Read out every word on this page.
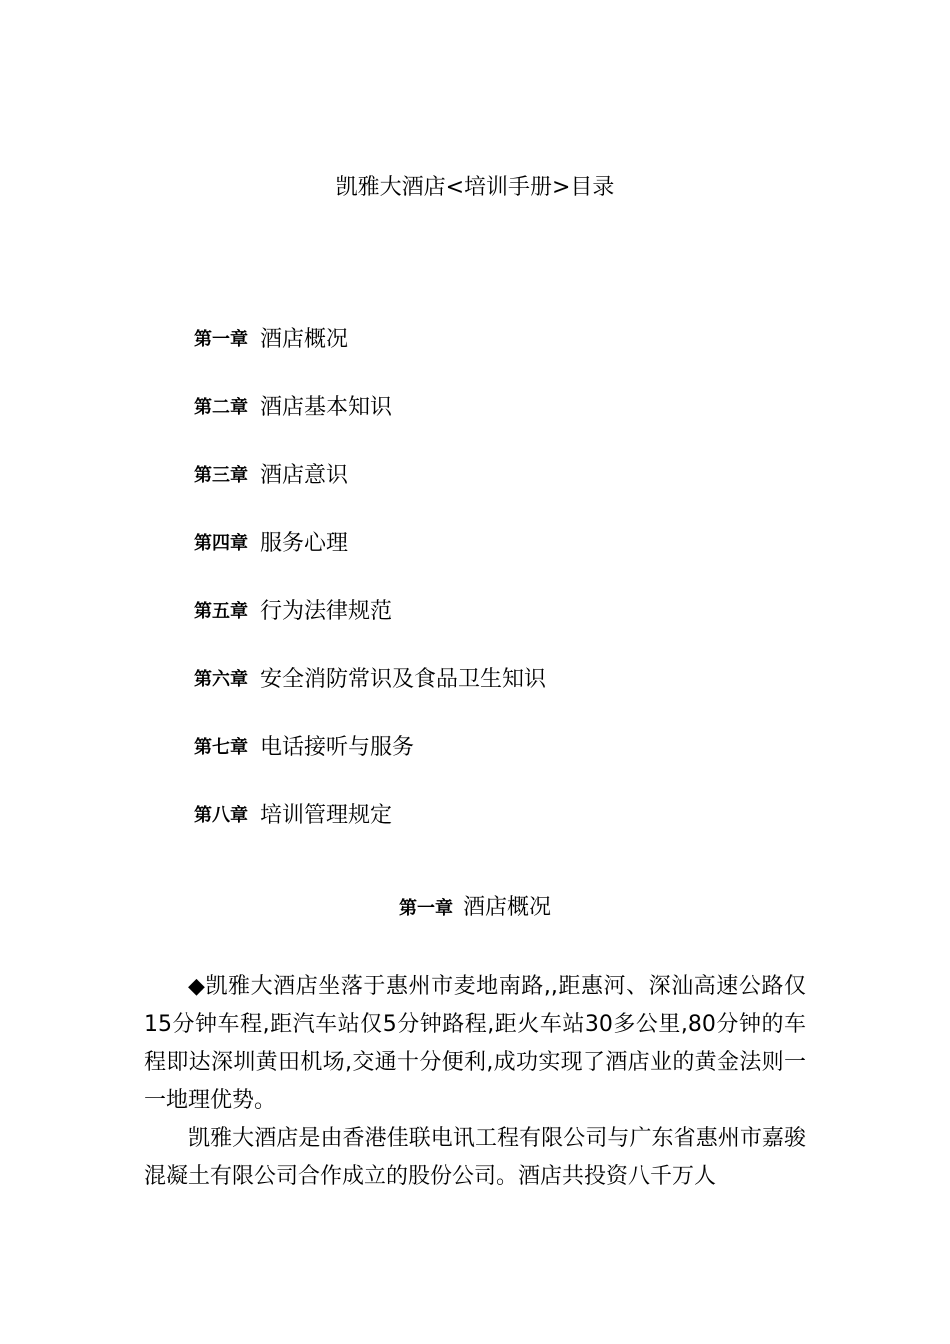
凯雅大酒店<培训手册>目录
第一章 酒店概况
第二章 酒店基本知识
第三章 酒店意识
第四章 服务心理
第五章 行为法律规范
第六章 安全消防常识及食品卫生知识
第七章 电话接听与服务
第八章 培训管理规定
第一章 酒店概况

◆凯雅大酒店坐落于惠州市麦地南路,,距惠河、深汕高速公路仅15分钟车程,距汽车站仅5分钟路程,距火车站30多公里,80分钟的车程即达深圳黄田机场,交通十分便利,成功实现了酒店业的黄金法则一一地理优势。

凯雅大酒店是由香港佳联电讯工程有限公司与广东省惠州市嘉骏混凝土有限公司合作成立的股份公司。酒店共投资八千万人
